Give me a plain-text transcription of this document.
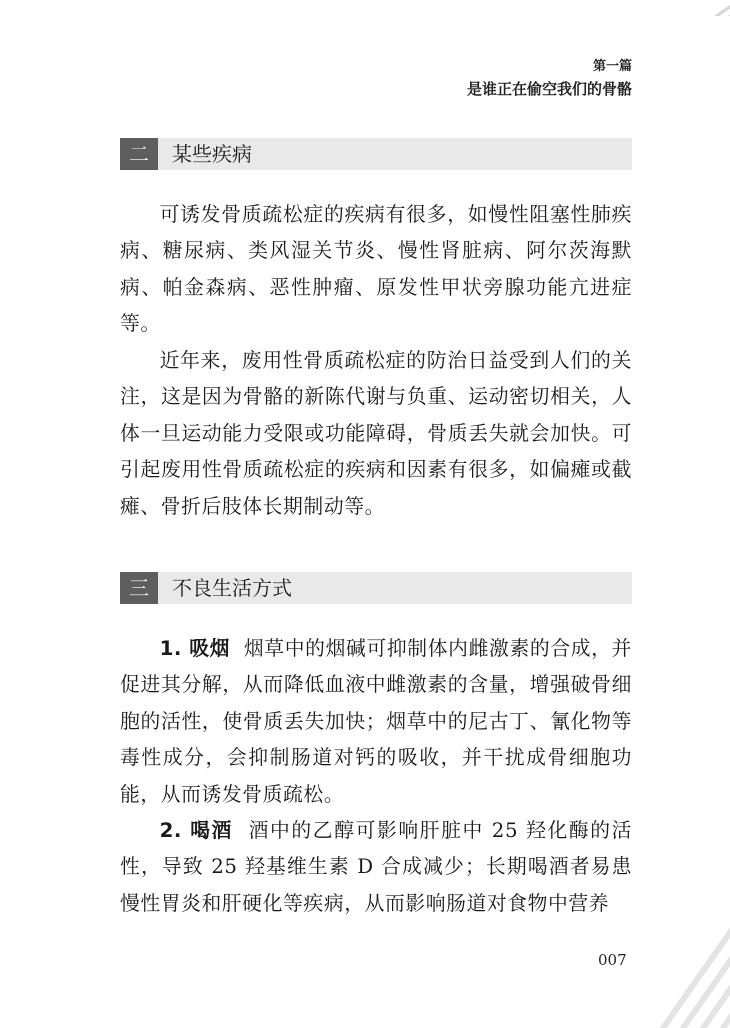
第一篇
是谁正在偷空我们的骨骼
二	某些疾病

可诱发骨质疏松症的疾病有很多，如慢性阻塞性肺疾病、糖尿病、类风湿关节炎、慢性肾脏病、阿尔茨海默病、帕金森病、恶性肿瘤、原发性甲状旁腺功能亢进症等。

近年来，废用性骨质疏松症的防治日益受到人们的关注，这是因为骨骼的新陈代谢与负重、运动密切相关，人体一旦运动能力受限或功能障碍，骨质丢失就会加快。可引起废用性骨质疏松症的疾病和因素有很多，如偏瘫或截瘫、骨折后肢体长期制动等。

三	不良生活方式

1. 吸烟 烟草中的烟碱可抑制体内雌激素的合成，并促进其分解，从而降低血液中雌激素的含量，增强破骨细胞的活性，使骨质丢失加快；烟草中的尼古丁、氰化物等毒性成分，会抑制肠道对钙的吸收，并干扰成骨细胞功能，从而诱发骨质疏松。

2. 喝酒 酒中的乙醇可影响肝脏中 25 羟化酶的活性，导致 25 羟基维生素 D 合成减少；长期喝酒者易患慢性胃炎和肝硬化等疾病，从而影响肠道对食物中营养

007
